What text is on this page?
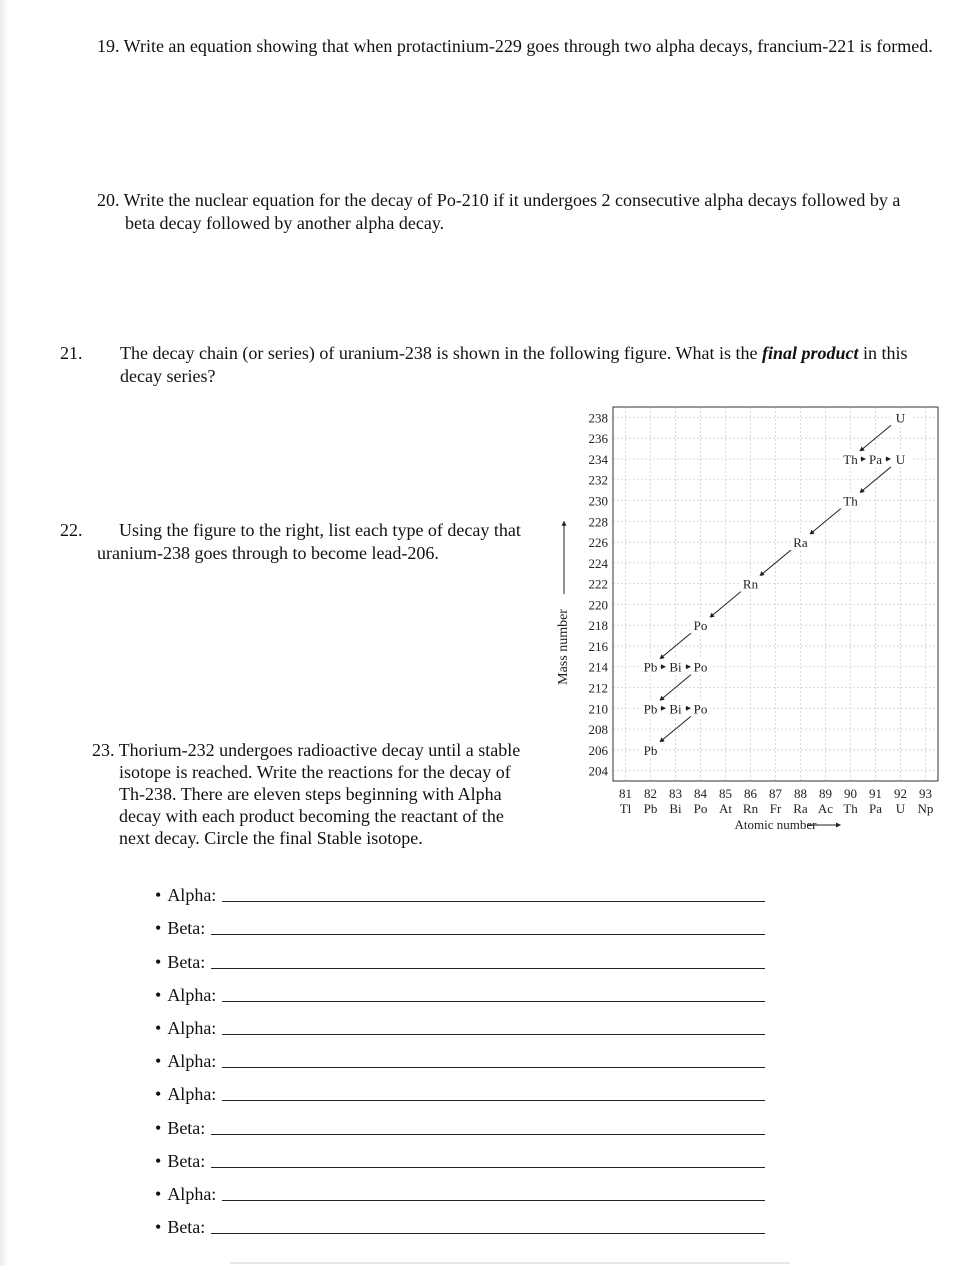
19. Write an equation showing that when protactinium-229 goes through two alpha decays, francium-221 is formed.
20. Write the nuclear equation for the decay of Po-210 if it undergoes 2 consecutive alpha decays followed by a beta decay followed by another alpha decay.
21. The decay chain (or series) of uranium-238 is shown in the following figure. What is the final product in this decay series?
22.	Using the figure to the right, list each type of decay that uranium-238 goes through to become lead-206.
23. Thorium-232 undergoes radioactive decay until a stable isotope is reached. Write the reactions for the decay of Th-238. There are eleven steps beginning with Alpha decay with each product becoming the reactant of the next decay. Circle the final Stable isotope.
• Alpha:
• Beta:
• Beta:
• Alpha:
• Alpha:
• Alpha:
• Alpha:
• Beta:
• Beta:
• Alpha:
• Beta:
238
236
234
232
230
228
226
224
222
220
218
216
214
212
210
208
206
204
81
Tl
82
Pb
83
Bi
84
Po
85
At
86
Rn
87
Fr
88
Ra
89
Ac
90
Th
91
Pa
92
U
93
Np
Atomic number
Mass number
U
Th Pa U
Th
Ra
Rn
Po
Pb Bi Po
Pb Bi Po
Pb
